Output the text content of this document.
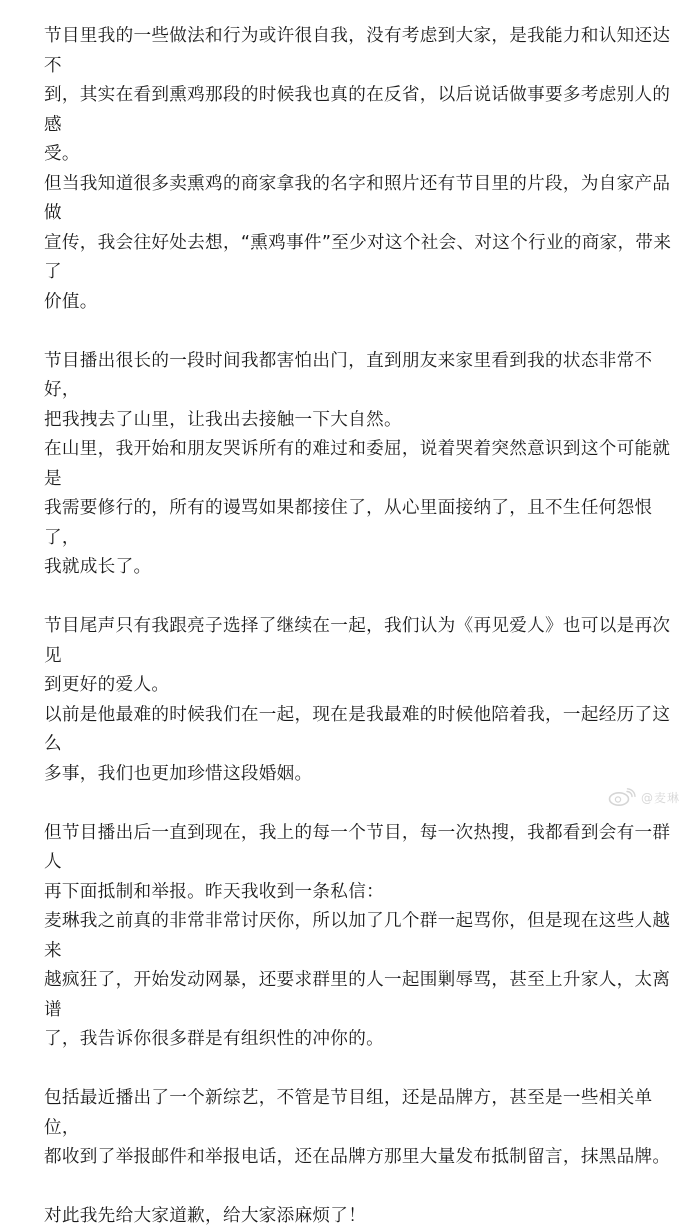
节目里我的一些做法和行为或许很自我，没有考虑到大家，是我能力和认知还达不
到，其实在看到熏鸡那段的时候我也真的在反省，以后说话做事要多考虑别人的感
受。

但当我知道很多卖熏鸡的商家拿我的名字和照片还有节目里的片段，为自家产品做
宣传，我会往好处去想，“熏鸡事件”至少对这个社会、对这个行业的商家，带来了
价值。

节目播出很长的一段时间我都害怕出门，直到朋友来家里看到我的状态非常不好，
把我拽去了山里，让我出去接触一下大自然。

在山里，我开始和朋友哭诉所有的难过和委屈，说着哭着突然意识到这个可能就是
我需要修行的，所有的谩骂如果都接住了，从心里面接纳了，且不生任何怨恨了，
我就成长了。

节目尾声只有我跟亮子选择了继续在一起，我们认为《再见爱人》也可以是再次见
到更好的爱人。

以前是他最难的时候我们在一起，现在是我最难的时候他陪着我，一起经历了这么
多事，我们也更加珍惜这段婚姻。

但节目播出后一直到现在，我上的每一个节目，每一次热搜，我都看到会有一群人
再下面抵制和举报。昨天我收到一条私信：

麦琳我之前真的非常非常讨厌你，所以加了几个群一起骂你，但是现在这些人越来
越疯狂了，开始发动网暴，还要求群里的人一起围剿辱骂，甚至上升家人，太离谱
了，我告诉你很多群是有组织性的冲你的。

包括最近播出了一个新综艺，不管是节目组，还是品牌方，甚至是一些相关单位，
都收到了举报邮件和举报电话，还在品牌方那里大量发布抵制留言，抹黑品牌。

对此我先给大家道歉，给大家添麻烦了！

@麦琳
